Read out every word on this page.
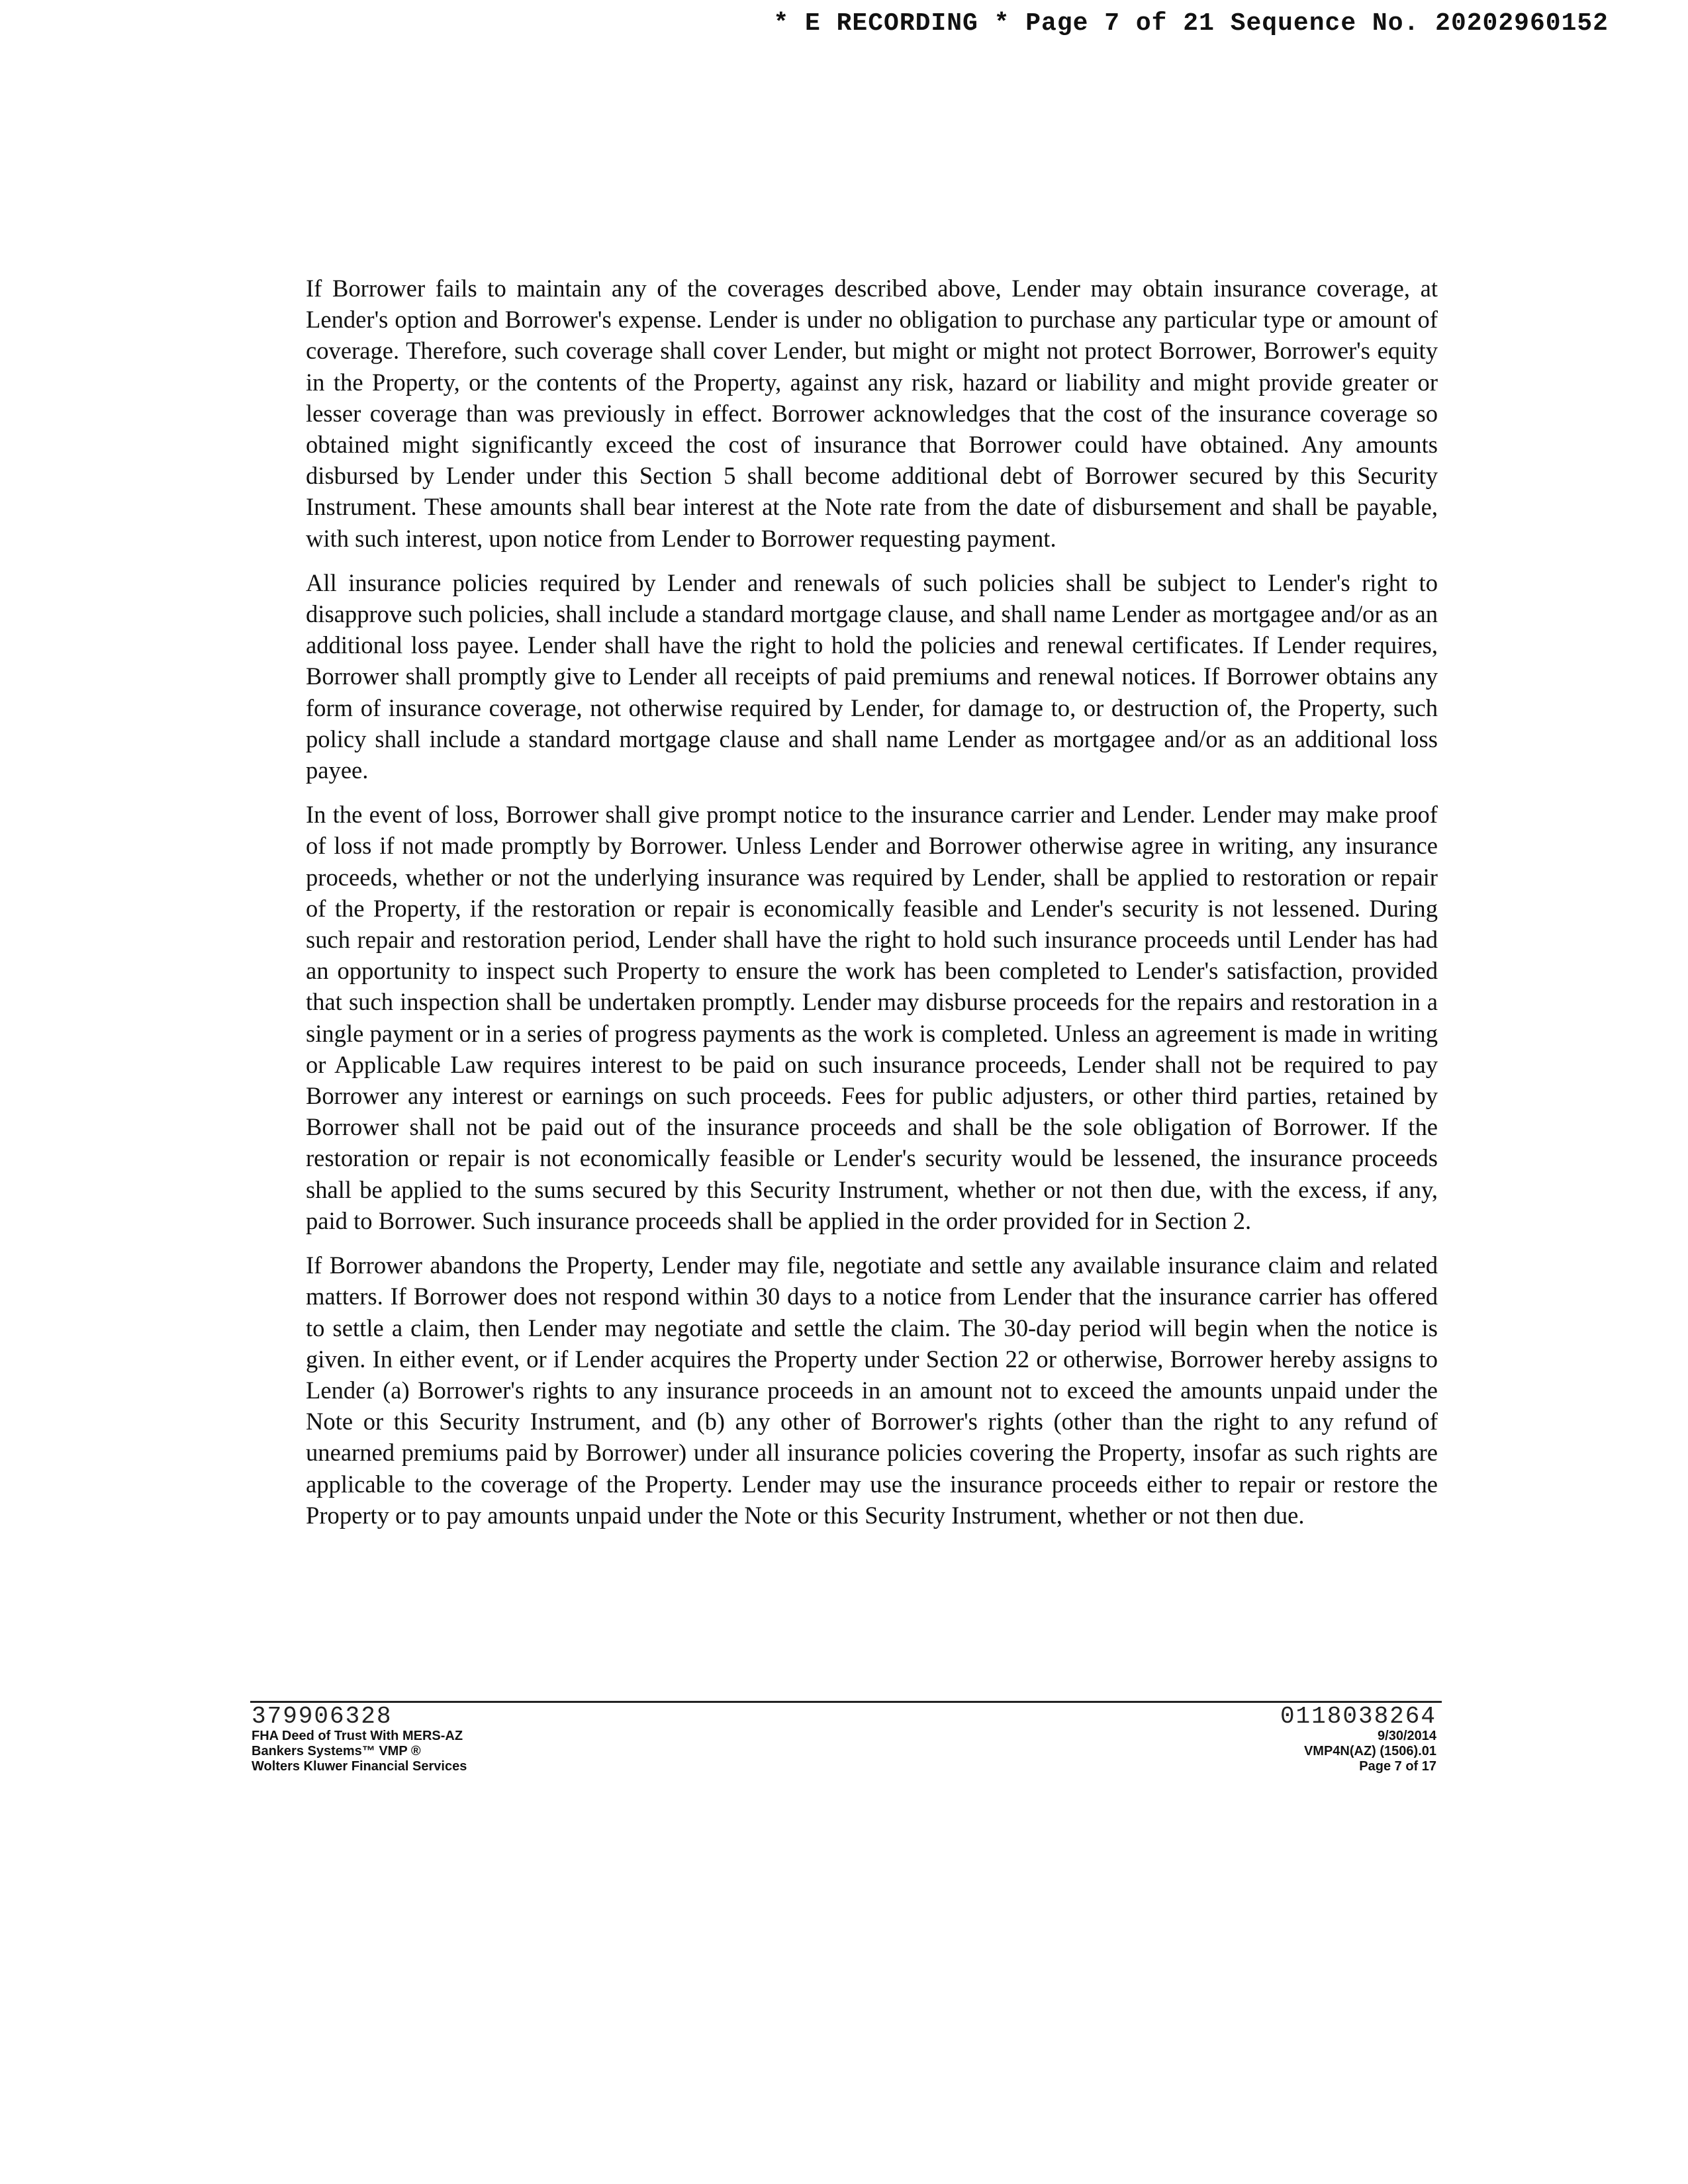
* E RECORDING * Page 7 of 21 Sequence No. 20202960152

If Borrower fails to maintain any of the coverages described above, Lender may obtain insurance coverage, at Lender's option and Borrower's expense. Lender is under no obligation to purchase any particular type or amount of coverage. Therefore, such coverage shall cover Lender, but might or might not protect Borrower, Borrower's equity in the Property, or the contents of the Property, against any risk, hazard or liability and might provide greater or lesser coverage than was previously in effect. Borrower acknowledges that the cost of the insurance coverage so obtained might significantly exceed the cost of insurance that Borrower could have obtained. Any amounts disbursed by Lender under this Section 5 shall become additional debt of Borrower secured by this Security Instrument. These amounts shall bear interest at the Note rate from the date of disbursement and shall be payable, with such interest, upon notice from Lender to Borrower requesting payment.

All insurance policies required by Lender and renewals of such policies shall be subject to Lender's right to disapprove such policies, shall include a standard mortgage clause, and shall name Lender as mortgagee and/or as an additional loss payee. Lender shall have the right to hold the policies and renewal certificates. If Lender requires, Borrower shall promptly give to Lender all receipts of paid premiums and renewal notices. If Borrower obtains any form of insurance coverage, not otherwise required by Lender, for damage to, or destruction of, the Property, such policy shall include a standard mortgage clause and shall name Lender as mortgagee and/or as an additional loss payee.

In the event of loss, Borrower shall give prompt notice to the insurance carrier and Lender. Lender may make proof of loss if not made promptly by Borrower. Unless Lender and Borrower otherwise agree in writing, any insurance proceeds, whether or not the underlying insurance was required by Lender, shall be applied to restoration or repair of the Property, if the restoration or repair is economically feasible and Lender's security is not lessened. During such repair and restoration period, Lender shall have the right to hold such insurance proceeds until Lender has had an opportunity to inspect such Property to ensure the work has been completed to Lender's satisfaction, provided that such inspection shall be undertaken promptly. Lender may disburse proceeds for the repairs and restoration in a single payment or in a series of progress payments as the work is completed. Unless an agreement is made in writing or Applicable Law requires interest to be paid on such insurance proceeds, Lender shall not be required to pay Borrower any interest or earnings on such proceeds. Fees for public adjusters, or other third parties, retained by Borrower shall not be paid out of the insurance proceeds and shall be the sole obligation of Borrower. If the restoration or repair is not economically feasible or Lender's security would be lessened, the insurance proceeds shall be applied to the sums secured by this Security Instrument, whether or not then due, with the excess, if any, paid to Borrower. Such insurance proceeds shall be applied in the order provided for in Section 2.

If Borrower abandons the Property, Lender may file, negotiate and settle any available insurance claim and related matters. If Borrower does not respond within 30 days to a notice from Lender that the insurance carrier has offered to settle a claim, then Lender may negotiate and settle the claim. The 30-day period will begin when the notice is given. In either event, or if Lender acquires the Property under Section 22 or otherwise, Borrower hereby assigns to Lender (a) Borrower's rights to any insurance proceeds in an amount not to exceed the amounts unpaid under the Note or this Security Instrument, and (b) any other of Borrower's rights (other than the right to any refund of unearned premiums paid by Borrower) under all insurance policies covering the Property, insofar as such rights are applicable to the coverage of the Property. Lender may use the insurance proceeds either to repair or restore the Property or to pay amounts unpaid under the Note or this Security Instrument, whether or not then due.

379906328
FHA Deed of Trust With MERS-AZ
Bankers Systems™ VMP ®
Wolters Kluwer Financial Services
0118038264
9/30/2014
VMP4N(AZ) (1506).01
Page 7 of 17
